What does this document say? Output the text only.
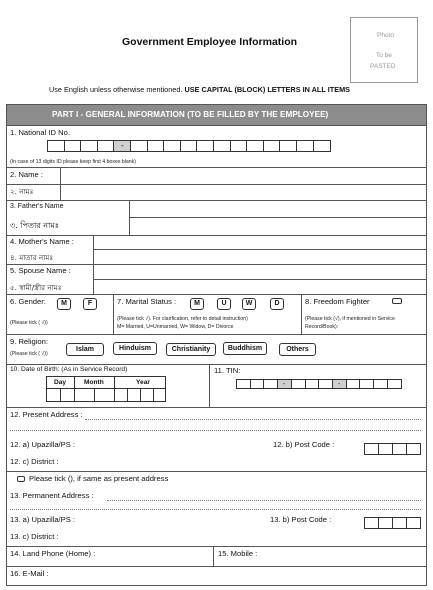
Government Employee Information
Photo
To be
PASTED
Use English unless otherwise mentioned. USE CAPITAL (BLOCK) LETTERS IN ALL ITEMS
PART I - GENERAL INFORMATION (TO BE FILLED BY THE EMPLOYEE)
1. National ID No.
-
(In case of 13 digits ID please keep first 4 boxes blank)
2. Name :
২. নামঃ
3. Father's Name
৩. পিতার নামঃ
4. Mother's Name :
৪. মাতার নামঃ
5. Spouse Name :
৫. স্বামী/স্ত্রীর নামঃ
6. Gender:	M	F
(Please tick ( √))
7. Marital Status :	M	U	W	D
(Please tick √). For clarification, refer to detail instruction)
M= Married, U=Unmarried, W= Widow, D= Divorce
8. Freedom Fighter
(Please tick (√), if mentioned in Service
Record/Book):
9. Religion:
(Please tick ( √))
Islam	Hinduism	Christianity	Buddhism	Others
10. Date of Birth: (As in Service Record)
Day	Month	Year
11. TIN:
-	-
12. Present Address :
12. a) Upazilla/PS :	12. b) Post Code :
12. c) District :
Please tick (), if same as present address
13. Permanent Address :
13. a) Upazilla/PS :	13. b) Post Code :
13. c) District :
14. Land Phone (Home) :	15. Mobile :
16. E-Mail :
